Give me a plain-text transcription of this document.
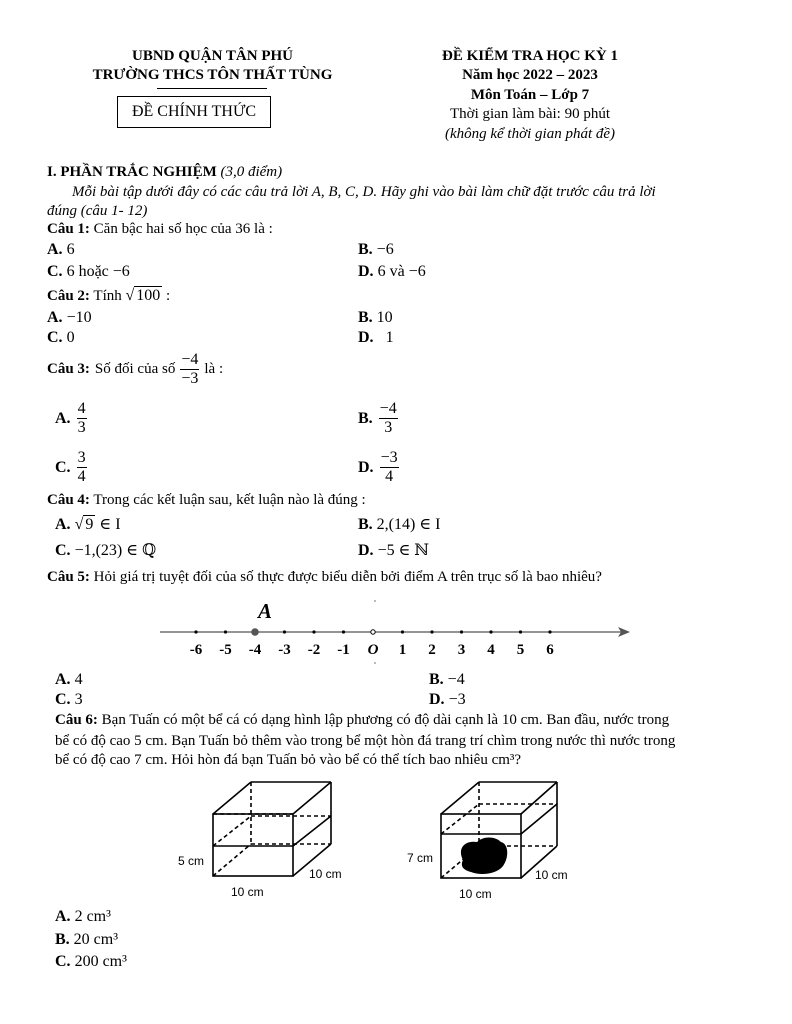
UBND QUẬN TÂN PHÚ
TRƯỜNG THCS TÔN THẤT TÙNG
ĐỀ CHÍNH THỨC
ĐỀ KIỂM TRA HỌC KỲ 1
Năm học 2022 – 2023
Môn Toán – Lớp 7
Thời gian làm bài: 90 phút
(không kể thời gian phát đề)
I. PHẦN TRẮC NGHIỆM (3,0 điểm)
Mỗi bài tập dưới đây có các câu trả lời A, B, C, D. Hãy ghi vào bài làm chữ đặt trước câu trả lời
đúng (câu 1- 12)
Câu 1: Căn bậc hai số học của 36 là :
A. 6	B. −6
C. 6 hoặc −6	D. 6 và −6
Câu 2: Tính √ 100 :
A. −10	B. 10
C. 0	D. 1
Câu 3: Số đối của số $\frac{-4}{-3}$ là :
A. $\frac{4}{3}$	B. $\frac{-4}{3}$
C. $\frac{3}{4}$	D. $\frac{-3}{4}$
Câu 4: Trong các kết luận sau, kết luận nào là đúng :
A. √ 9 ∈ I	B. 2,(14) ∈ I
C. −1,(23) ∈ ℚ	D. −5 ∈ ℕ
Câu 5: Hỏi giá trị tuyệt đối của số thực được biểu diễn bởi điểm A trên trục số là bao nhiêu?
-6 -5 -4 -3 -2 -1 O 1 2 3 4 5 6
A
A. 4	B. −4
C. 3	D. −3
Câu 6: Bạn Tuấn có một bể cá có dạng hình lập phương có độ dài cạnh là 10 cm. Ban đầu, nước trong
bể có độ cao 5 cm. Bạn Tuấn bỏ thêm vào trong bể một hòn đá trang trí chìm trong nước thì nước trong
bể có độ cao 7 cm. Hỏi hòn đá bạn Tuấn bỏ vào bể có thể tích bao nhiêu cm³?
5 cm
10 cm
10 cm
7 cm
10 cm
10 cm
A. 2 cm³
B. 20 cm³
C. 200 cm³
